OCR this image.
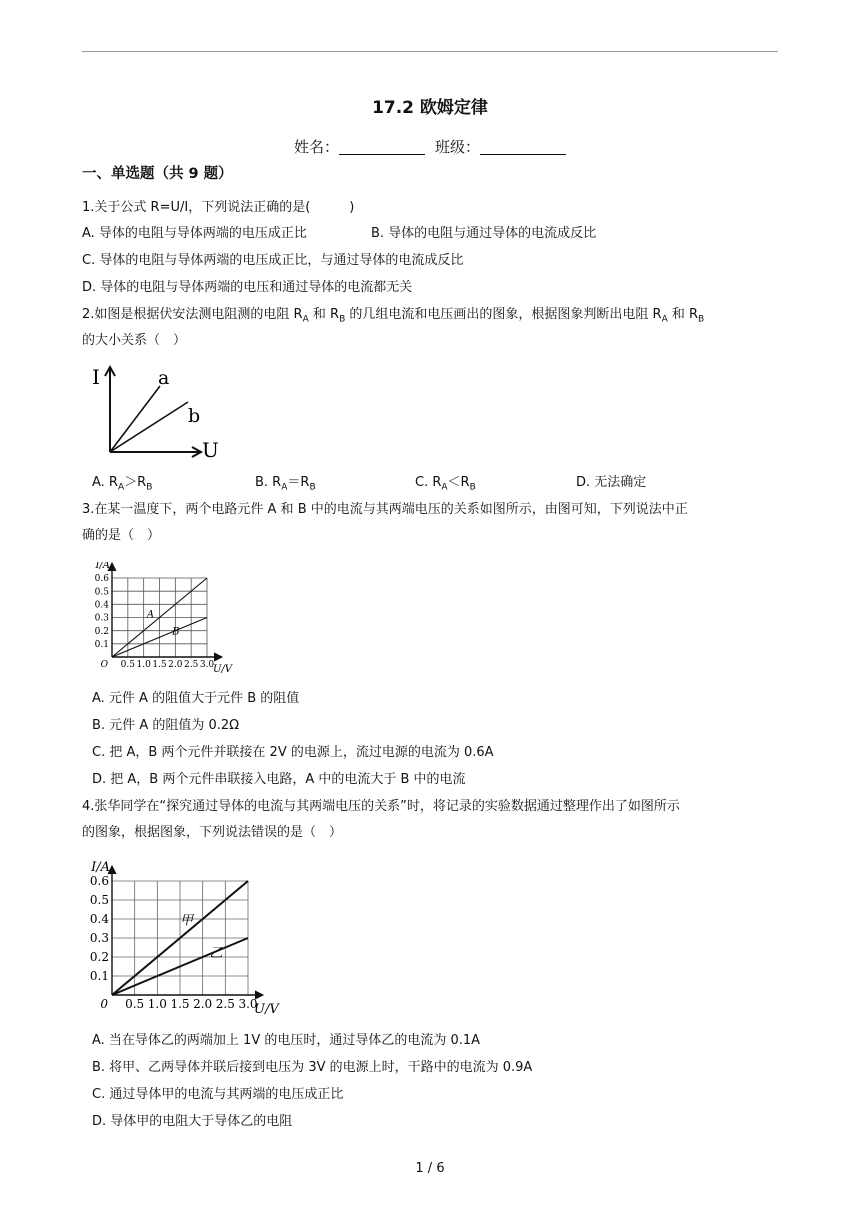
17.2 欧姆定律
姓名：	班级：
一、单选题（共 9 题）
1.关于公式 R=U/I，下列说法正确的是(　　　)
A. 导体的电阻与导体两端的电压成正比	B. 导体的电阻与通过导体的电流成反比
C. 导体的电阻与导体两端的电压成正比，与通过导体的电流成反比
D. 导体的电阻与导体两端的电压和通过导体的电流都无关
2.如图是根据伏安法测电阻测的电阻 $R_A$ 和 $R_B$ 的几组电流和电压画出的图象，根据图象判断出电阻 $R_A$ 和 $R_B$
的大小关系（　）
I
U
a
b
A. $R_A>R_B$	B. $R_A=R_B$	C. $R_A<R_B$	D. 无法确定
3.在某一温度下，两个电路元件 A 和 B 中的电流与其两端电压的关系如图所示，由图可知，下列说法中正
确的是（　）
0.5 1.0 1.5 2.0 2.5 3.0
0.1
0.2
0.3
0.4
0.5
0.6
I/A
U/V
O
A
B
A. 元件 A 的阻值大于元件 B 的阻值
B. 元件 A 的阻值为 0.2Ω
C. 把 A，B 两个元件并联接在 2V 的电源上，流过电源的电流为 0.6A
D. 把 A，B 两个元件串联接入电路，A 中的电流大于 B 中的电流
4.张华同学在“探究通过导体的电流与其两端电压的关系”时，将记录的实验数据通过整理作出了如图所示
的图象，根据图象，下列说法错误的是（　）
0.5 1.0 1.5 2.0 2.5 3.0
0.1
0.2
0.3
0.4
0.5
0.6
I/A
U/V
0
甲
乙
A. 当在导体乙的两端加上 1V 的电压时，通过导体乙的电流为 0.1A
B. 将甲、乙两导体并联后接到电压为 3V 的电源上时，干路中的电流为 0.9A
C. 通过导体甲的电流与其两端的电压成正比
D. 导体甲的电阻大于导体乙的电阻
1 / 6
